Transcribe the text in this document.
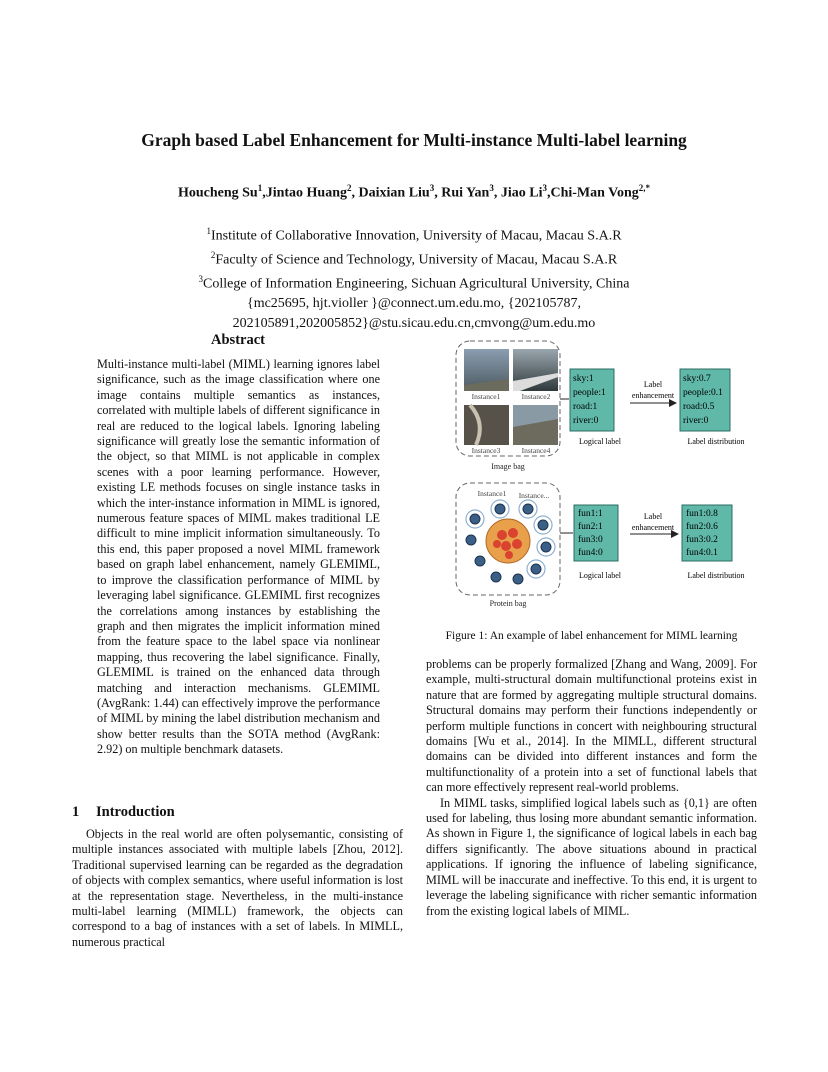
Graph based Label Enhancement for Multi-instance Multi-label learning
Houcheng Su$^1$,Jintao Huang$^2$, Daixian Liu$^3$, Rui Yan$^3$, Jiao Li$^3$,Chi-Man Vong$^{2,*}$
$^1$Institute of Collaborative Innovation, University of Macau, Macau S.A.R
$^2$Faculty of Science and Technology, University of Macau, Macau S.A.R
$^3$College of Information Engineering, Sichuan Agricultural University, China
{mc25695, hjt.violler }@connect.um.edu.mo, {202105787,
202105891,202005852}@stu.sicau.edu.cn,cmvong@um.edu.mo
Abstract

Multi-instance multi-label (MIML) learning ignores label significance, such as the image classification where one image contains multiple semantics as instances, correlated with multiple labels of different significance in real are reduced to the logical labels. Ignoring labeling significance will greatly lose the semantic information of the object, so that MIML is not applicable in complex scenes with a poor learning performance. However, existing LE methods focuses on single instance tasks in which the inter-instance information in MIML is ignored, numerous feature spaces of MIML makes traditional LE difficult to mine implicit information simultaneously. To this end, this paper proposed a novel MIML framework based on graph label enhancement, namely GLEMIML, to improve the classification performance of MIML by leveraging label significance. GLEMIML first recognizes the correlations among instances by establishing the graph and then migrates the implicit information mined from the feature space to the label space via nonlinear mapping, thus recovering the label significance. Finally, GLEMIML is trained on the enhanced data through matching and interaction mechanisms. GLEMIML (AvgRank: 1.44) can effectively improve the performance of MIML by mining the label distribution mechanism and show better results than the SOTA method (AvgRank: 2.92) on multiple benchmark datasets.

1 Introduction

Objects in the real world are often polysemantic, consisting of multiple instances associated with multiple labels [Zhou, 2012]. Traditional supervised learning can be regarded as the degradation of objects with complex semantics, where useful information is lost at the representation stage. Nevertheless, in the multi-instance multi-label learning (MIMLL) framework, the objects can correspond to a bag of instances with a set of labels. In MIMLL, numerous practical

Instance1	Instance2
Instance3	Instance4
Image bag
sky:1
people:1
road:1
river:0
Logical label
Label
enhancement
sky:0.7
people:0.1
road:0.5
river:0
Label distribution
Instance1 Instance...
Protein bag
fun1:1
fun2:1
fun3:0
fun4:0
Logical label
Label
enhancement
fun1:0.8
fun2:0.6
fun3:0.2
fun4:0.1
Label distribution
Figure 1: An example of label enhancement for MIML learning

problems can be properly formalized [Zhang and Wang, 2009]. For example, multi-structural domain multifunctional proteins exist in nature that are formed by aggregating multiple structural domains. Structural domains may perform their functions independently or perform multiple functions in concert with neighbouring structural domains [Wu et al., 2014]. In the MIMLL, different structural domains can be divided into different instances and form the multifunctionality of a protein into a set of functional labels that can more effectively represent real-world problems.

In MIML tasks, simplified logical labels such as {0,1} are often used for labeling, thus losing more abundant semantic information. As shown in Figure 1, the significance of logical labels in each bag differs significantly. The above situations abound in practical applications. If ignoring the influence of labeling significance, MIML will be inaccurate and ineffective. To this end, it is urgent to leverage the labeling significance with richer semantic information from the existing logical labels of MIML.
